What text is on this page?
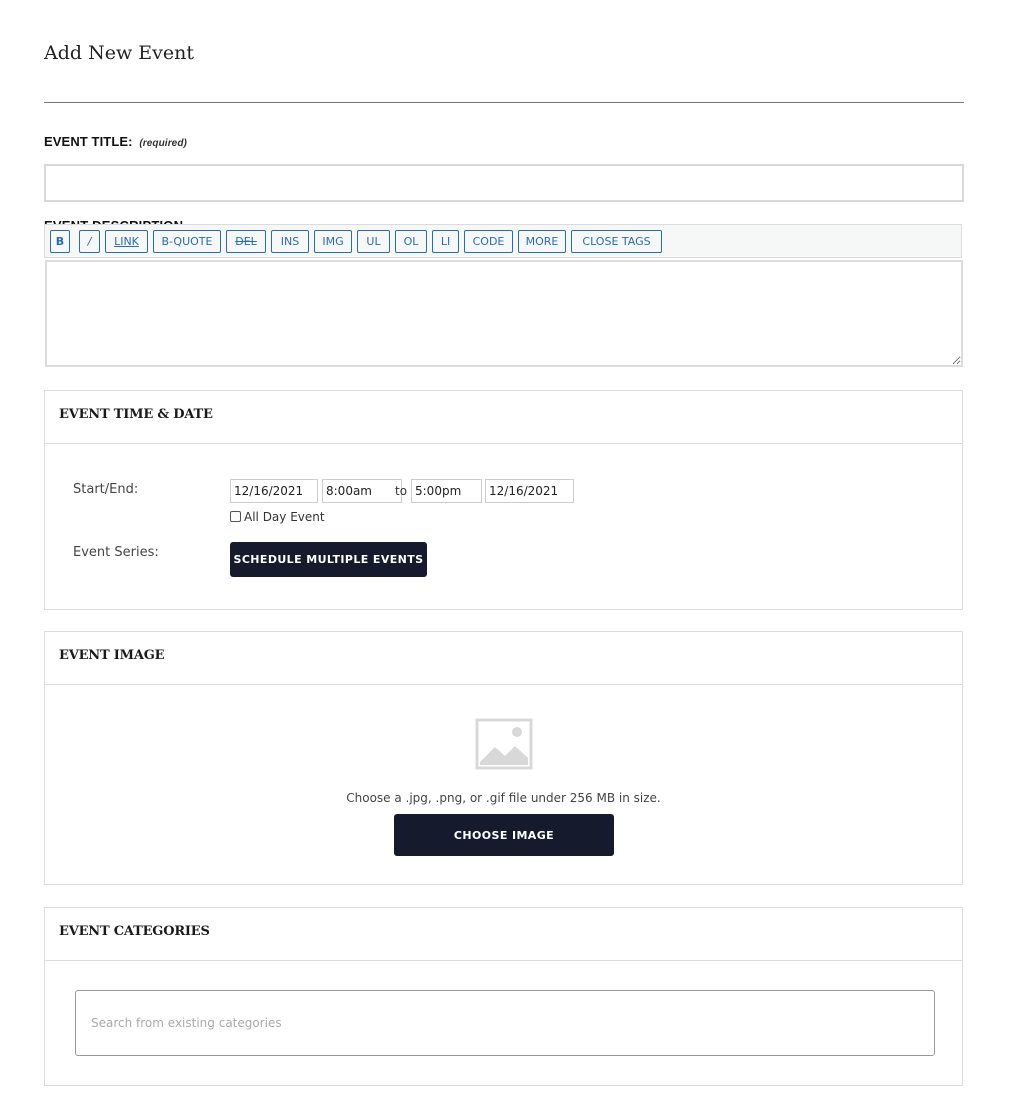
Add New Event
EVENT TITLE: (required)
B	/	LINK	B-QUOTE	DEL	INS	IMG	UL	OL	LI	CODE	MORE	CLOSE TAGS
EVENT TIME & DATE
Start/End:
12/16/2021
8:00am	to
5:00pm
12/16/2021
All Day Event
Event Series:	SCHEDULE MULTIPLE EVENTS
EVENT IMAGE
Choose a .jpg, .png, or .gif file under 256 MB in size.
CHOOSE IMAGE
EVENT CATEGORIES
Search from existing categories
